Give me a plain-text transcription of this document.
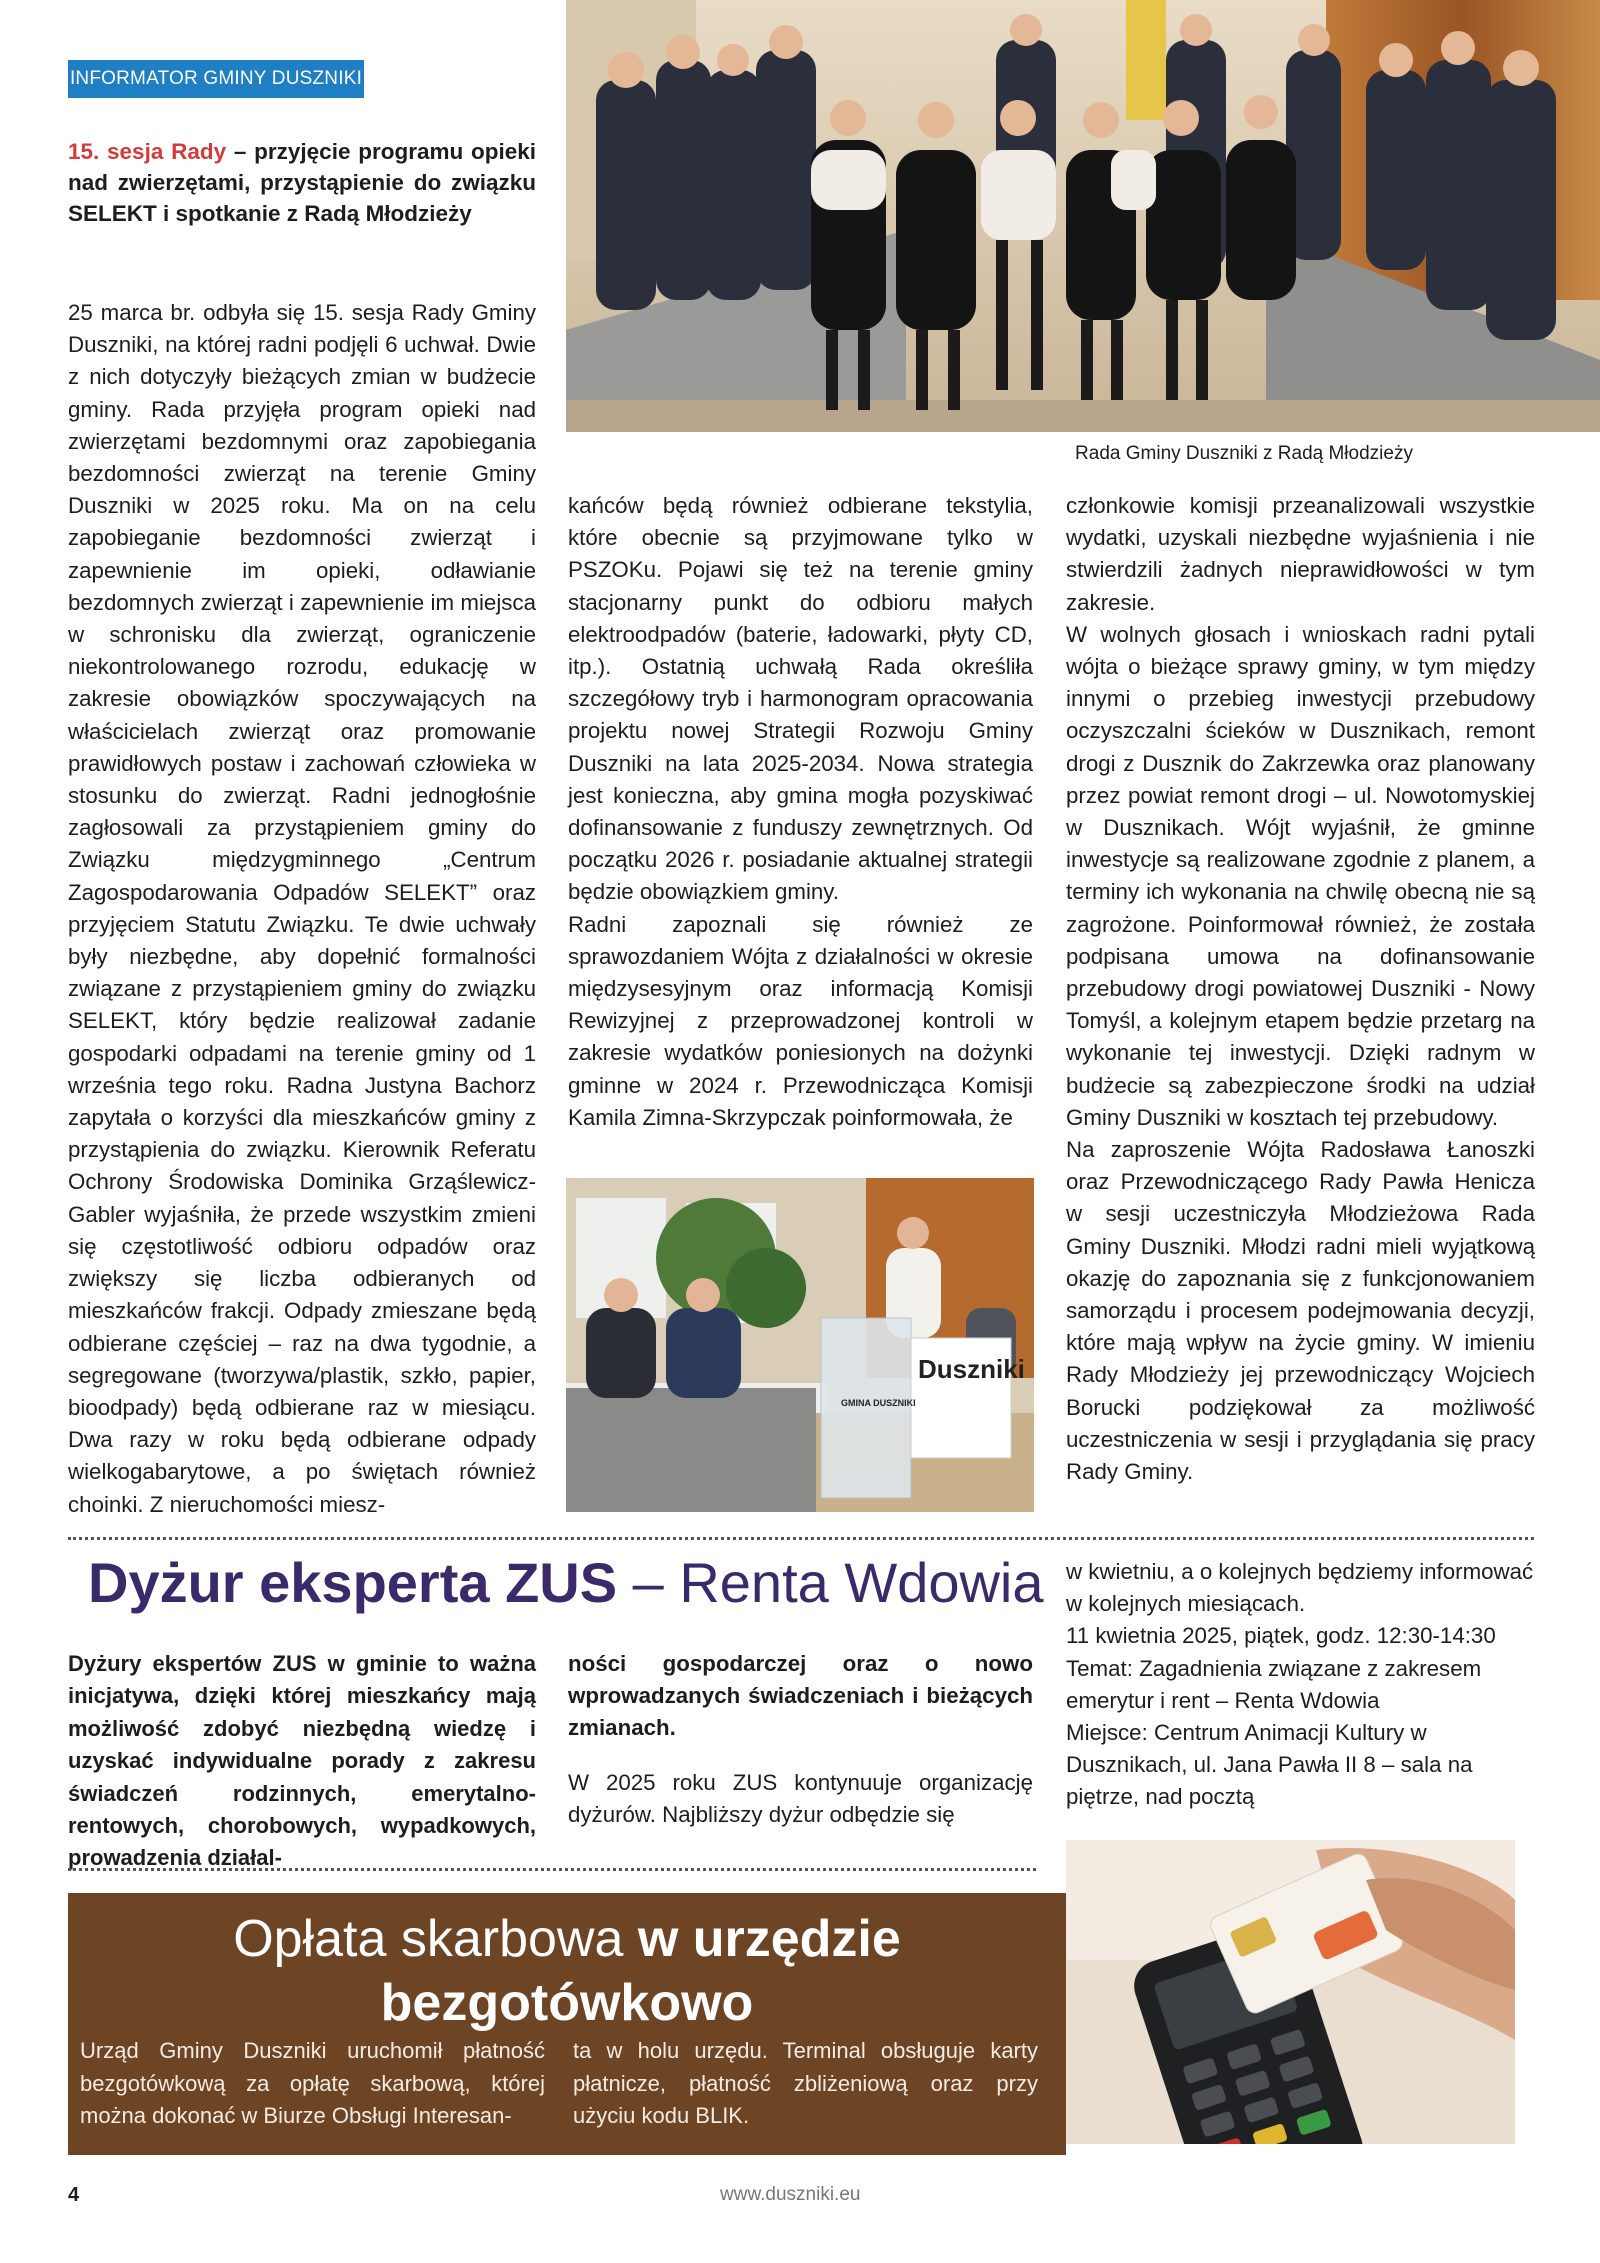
INFORMATOR GMINY DUSZNIKI
15. sesja Rady – przyjęcie programu opieki nad zwierzętami, przystąpienie do związku SELEKT i spotkanie z Radą Młodzieży
Rada Gminy Duszniki z Radą Młodzieży

25 marca br. odbyła się 15. sesja Rady Gminy Duszniki, na której radni podjęli 6 uchwał. Dwie z nich dotyczyły bieżących zmian w budżecie gminy. Rada przyjęła program opieki nad zwierzętami bezdomnymi oraz zapobiegania bezdomności zwierząt na terenie Gminy Duszniki w 2025 roku. Ma on na celu zapobieganie bezdomności zwierząt i zapewnienie im opieki, odławianie bezdomnych zwierząt i zapewnienie im miejsca w schronisku dla zwierząt, ograniczenie niekontrolowanego rozrodu, edukację w zakresie obowiązków spoczywających na właścicielach zwierząt oraz promowanie prawidłowych postaw i zachowań człowieka w stosunku do zwierząt. Radni jednogłośnie zagłosowali za przystąpieniem gminy do Związku międzygminnego „Centrum Zagospodarowania Odpadów SELEKT” oraz przyjęciem Statutu Związku. Te dwie uchwały były niezbędne, aby dopełnić formalności związane z przystąpieniem gminy do związku SELEKT, który będzie realizował zadanie gospodarki odpadami na terenie gminy od 1 września tego roku. Radna Justyna Bachorz zapytała o korzyści dla mieszkańców gminy z przystąpienia do związku. Kierownik Referatu Ochrony Środowiska Dominika Grząślewicz-Gabler wyjaśniła, że przede wszystkim zmieni się częstotliwość odbioru odpadów oraz zwiększy się liczba odbieranych od mieszkańców frakcji. Odpady zmieszane będą odbierane częściej – raz na dwa tygodnie, a segregowane (tworzywa/plastik, szkło, papier, bioodpady) będą odbierane raz w miesiącu. Dwa razy w roku będą odbierane odpady wielkogabarytowe, a po świętach również choinki. Z nieruchomości miesz-

kańców będą również odbierane tekstylia, które obecnie są przyjmowane tylko w PSZOKu. Pojawi się też na terenie gminy stacjonarny punkt do odbioru małych elektroodpadów (baterie, ładowarki, płyty CD, itp.). Ostatnią uchwałą Rada określiła szczegółowy tryb i harmonogram opracowania projektu nowej Strategii Rozwoju Gminy Duszniki na lata 2025-2034. Nowa strategia jest konieczna, aby gmina mogła pozyskiwać dofinansowanie z funduszy zewnętrznych. Od początku 2026 r. posiadanie aktualnej strategii będzie obowiązkiem gminy.

Radni zapoznali się również ze sprawozdaniem Wójta z działalności w okresie międzysesyjnym oraz informacją Komisji Rewizyjnej z przeprowadzonej kontroli w zakresie wydatków poniesionych na dożynki gminne w 2024 r. Przewodnicząca Komisji Kamila Zimna-Skrzypczak poinformowała, że

Duszniki
GMINA DUSZNIKI

członkowie komisji przeanalizowali wszystkie wydatki, uzyskali niezbędne wyjaśnienia i nie stwierdzili żadnych nieprawidłowości w tym zakresie.

W wolnych głosach i wnioskach radni pytali wójta o bieżące sprawy gminy, w tym między innymi o przebieg inwestycji przebudowy oczyszczalni ścieków w Dusznikach, remont drogi z Dusznik do Zakrzewka oraz planowany przez powiat remont drogi – ul. Nowotomyskiej w Dusznikach. Wójt wyjaśnił, że gminne inwestycje są realizowane zgodnie z planem, a terminy ich wykonania na chwilę obecną nie są zagrożone. Poinformował również, że została podpisana umowa na dofinansowanie przebudowy drogi powiatowej Duszniki - Nowy Tomyśl, a kolejnym etapem będzie przetarg na wykonanie tej inwestycji. Dzięki radnym w budżecie są zabezpieczone środki na udział Gminy Duszniki w kosztach tej przebudowy.

Na zaproszenie Wójta Radosława Łanoszki oraz Przewodniczącego Rady Pawła Henicza w sesji uczestniczyła Młodzieżowa Rada Gminy Duszniki. Młodzi radni mieli wyjątkową okazję do zapoznania się z funkcjonowaniem samorządu i procesem podejmowania decyzji, które mają wpływ na życie gminy. W imieniu Rady Młodzieży jej przewodniczący Wojciech Borucki podziękował za możliwość uczestniczenia w sesji i przyglądania się pracy Rady Gminy.

Dyżur eksperta ZUS – Renta Wdowia
Dyżury ekspertów ZUS w gminie to ważna inicjatywa, dzięki której mieszkańcy mają możliwość zdobyć niezbędną wiedzę i uzyskać indywidualne porady z zakresu świadczeń rodzinnych, emerytalno-rentowych, chorobowych, wypadkowych, prowadzenia działal-

ności gospodarczej oraz o nowo wprowadzanych świadczeniach i bieżących zmianach.

W 2025 roku ZUS kontynuuje organizację dyżurów. Najbliższy dyżur odbędzie się

w kwietniu, a o kolejnych będziemy informować w kolejnych miesiącach.

11 kwietnia 2025, piątek, godz. 12:30-14:30

Temat: Zagadnienia związane z zakresem emerytur i rent – Renta Wdowia

Miejsce: Centrum Animacji Kultury w Dusznikach, ul. Jana Pawła II 8 – sala na piętrze, nad pocztą

Opłata skarbowa w urzędzie
bezgotówkowo
Urząd Gminy Duszniki uruchomił płatność bezgotówkową za opłatę skarbową, której można dokonać w Biurze Obsługi Interesan-
ta w holu urzędu. Terminal obsługuje karty płatnicze, płatność zbliżeniową oraz przy użyciu kodu BLIK.
4	www.duszniki.eu
